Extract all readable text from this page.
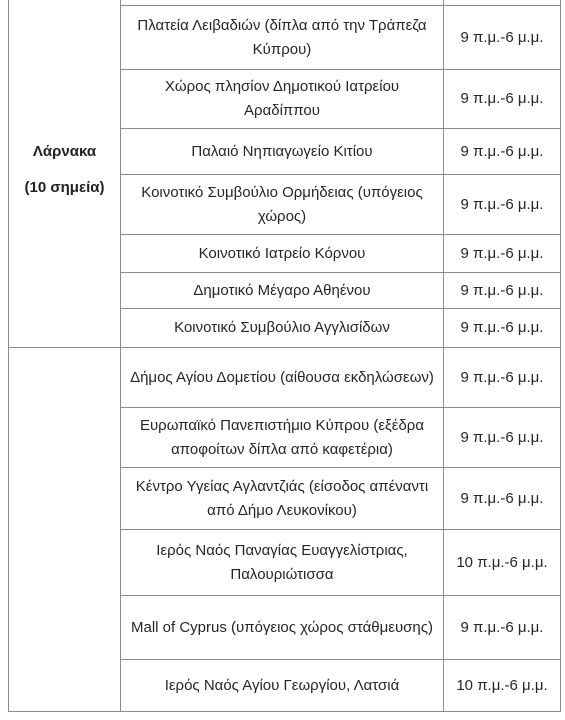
Λάρνακα
(10 σημεία)		

	Πλατεία Λειβαδιών (δίπλα από την Τράπεζα Κύπρου)	9 π.μ.-6 μ.μ.
	Χώρος πλησίον Δημοτικού Ιατρείου Αραδίππου	9 π.μ.-6 μ.μ.
	Παλαιό Νηπιαγωγείο Κιτίου	9 π.μ.-6 μ.μ.
	Κοινοτικό Συμβούλιο Ορμήδειας (υπόγειος χώρος)	9 π.μ.-6 μ.μ.
	Κοινοτικό Ιατρείο Κόρνου	9 π.μ.-6 μ.μ.
	Δημοτικό Μέγαρο Αθηένου	9 π.μ.-6 μ.μ.
	Κοινοτικό Συμβούλιο Αγγλισίδων	9 π.μ.-6 μ.μ.

	Δήμος Αγίου Δομετίου (αίθουσα εκδηλώσεων)	9 π.μ.-6 μ.μ.
	Ευρωπαϊκό Πανεπιστήμιο Κύπρου (εξέδρα αποφοίτων δίπλα από καφετέρια)	9 π.μ.-6 μ.μ.
	Κέντρο Υγείας Αγλαντζιάς (είσοδος απέναντι από Δήμο Λευκονίκου)	9 π.μ.-6 μ.μ.
	Ιερός Ναός Παναγίας Ευαγγελίστριας, Παλουριώτισσα	10 π.μ.-6 μ.μ.
	Mall of Cyprus (υπόγειος χώρος στάθμευσης)	9 π.μ.-6 μ.μ.
	Ιερός Ναός Αγίου Γεωργίου, Λατσιά	10 π.μ.-6 μ.μ.
